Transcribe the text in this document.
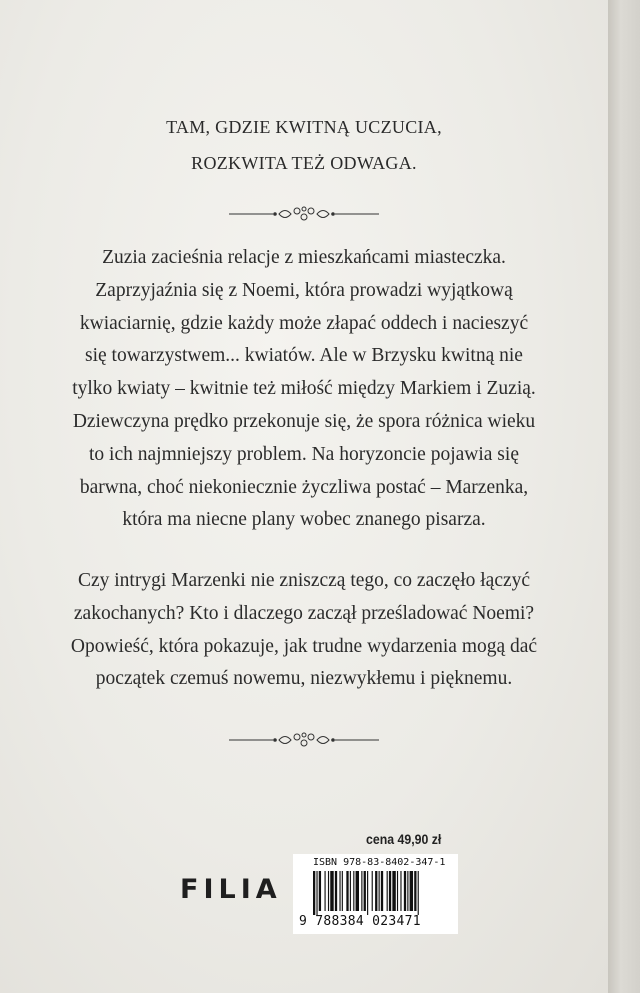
TAM, GDZIE KWITNĄ UCZUCIA,
ROZKWITA TEŻ ODWAGA.
Zuzia zacieśnia relacje z mieszkańcami miasteczka.
Zaprzyjaźnia się z Noemi, która prowadzi wyjątkową
kwiaciarnię, gdzie każdy może złapać oddech i nacieszyć
się towarzystwem... kwiatów. Ale w Brzysku kwitną nie
tylko kwiaty – kwitnie też miłość między Markiem i Zuzią.
Dziewczyna prędko przekonuje się, że spora różnica wieku
to ich najmniejszy problem. Na horyzoncie pojawia się
barwna, choć niekoniecznie życzliwa postać – Marzenka,
która ma niecne plany wobec znanego pisarza.
Czy intrygi Marzenki nie zniszczą tego, co zaczęło łączyć
zakochanych? Kto i dlaczego zaczął prześladować Noemi?
Opowieść, która pokazuje, jak trudne wydarzenia mogą dać
początek czemuś nowemu, niezwykłemu i pięknemu.
cena 49,90 zł
FILIA
ISBN 978-83-8402-347-1
9 788384 023471
